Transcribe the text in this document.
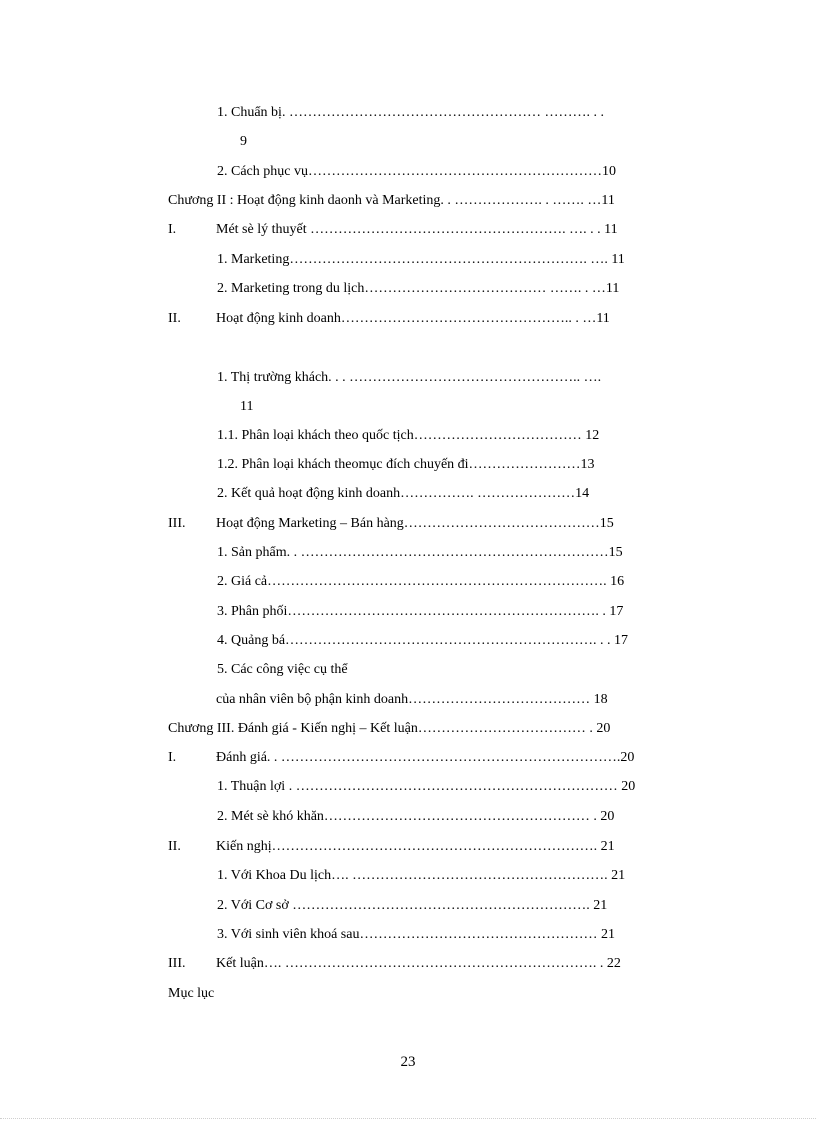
1. Chuẩn bị. ……………………………………………… ………. . .
9
2. Cách phục vụ………………………………………………………10
Chương II : Hoạt động kinh daonh và Marketing. . ………………. . ……. …11
I.	Mét sè lý thuyết ………………………………………………. …. . . 11
1. Marketing………………………………………………………. …. 11
2. Marketing trong du lịch………………………………… ……. . …11
II.	Hoạt động kinh doanh………………………………………….. . …11
1. Thị trường khách. . . ………………………………………….. ….
11
1.1. Phân loại khách theo quốc tịch……………………………… 12
1.2. Phân loại khách theomục đích chuyến đi……………………13
2. Kết quả hoạt động kinh doanh……………. …………………14
III. Hoạt động Marketing – Bán hàng……………………………………15
1. Sản phẩm. . …………………………………………………………15
2. Giá cả………………………………………………………………. 16
3. Phân phối…………………………………………………………. . 17
4. Quảng bá…………………………………………………………. . . 17
5. Các công việc cụ thể
của nhân viên bộ phận kinh doanh………………………………… 18
Chương III. Đánh giá - Kiến nghị – Kết luận……………………………… . 20
I.	Đánh giá. . ……………………………………………………………….20
1. Thuận lợi . …………………………………………………………… 20
2. Mét sè khó khăn………………………………………………… . 20
II.	Kiến nghị……………………………………………………………. 21
1. Với Khoa Du lịch…. ………………………………………………. 21
2. Với Cơ sở ………………………………………………………. 21
3. Với sinh viên khoá sau…………………………………………… 21
III. Kết luận…. …………………………………………………………. . 22
Mục lục
23
